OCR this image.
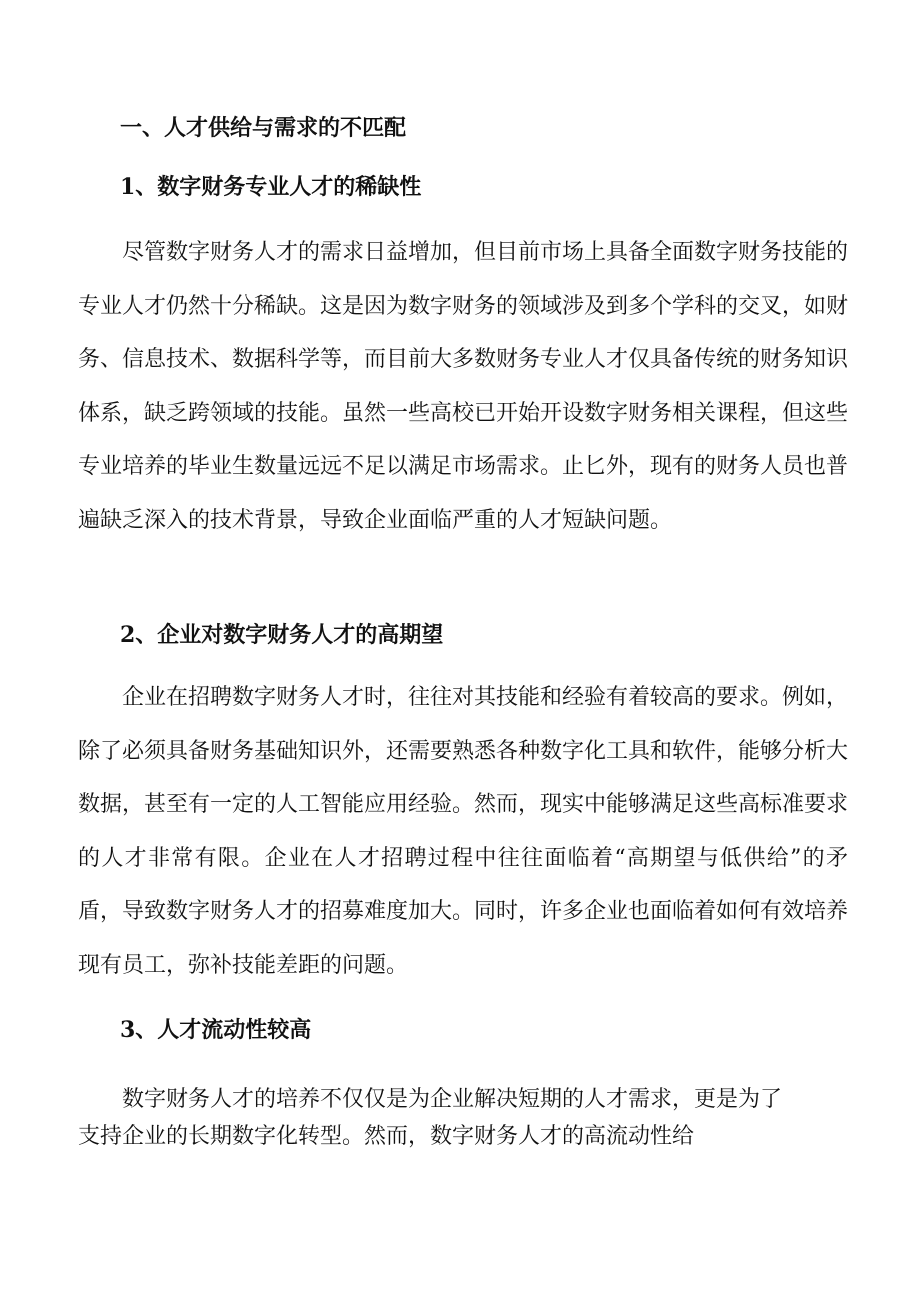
一、人才供给与需求的不匹配
1、数字财务专业人才的稀缺性

尽管数字财务人才的需求日益增加，但目前市场上具备全面数字财务技能的专业人才仍然十分稀缺。这是因为数字财务的领域涉及到多个学科的交叉，如财务、信息技术、数据科学等，而目前大多数财务专业人才仅具备传统的财务知识体系，缺乏跨领域的技能。虽然一些高校已开始开设数字财务相关课程，但这些专业培养的毕业生数量远远不足以满足市场需求。止匕外，现有的财务人员也普遍缺乏深入的技术背景，导致企业面临严重的人才短缺问题。

2、企业对数字财务人才的高期望

企业在招聘数字财务人才时，往往对其技能和经验有着较高的要求。例如，除了必须具备财务基础知识外，还需要熟悉各种数字化工具和软件，能够分析大数据，甚至有一定的人工智能应用经验。然而，现实中能够满足这些高标准要求的人才非常有限。企业在人才招聘过程中往往面临着“高期望与低供给”的矛盾，导致数字财务人才的招募难度加大。同时，许多企业也面临着如何有效培养现有员工，弥补技能差距的问题。

3、人才流动性较高

数字财务人才的培养不仅仅是为企业解决短期的人才需求，更是为了支持企业的长期数字化转型。然而，数字财务人才的高流动性给
